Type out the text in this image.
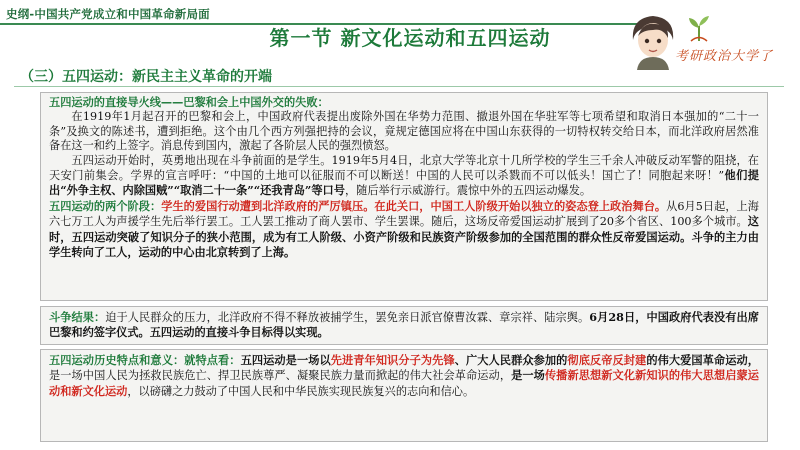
史纲-中国共产党成立和中国革命新局面
第一节 新文化运动和五四运动
考研政治大学了
（三）五四运动：新民主主义革命的开端

五四运动的直接导火线——巴黎和会上中国外交的失败：

在1919年1月起召开的巴黎和会上，中国政府代表提出废除外国在华势力范围、撤退外国在华驻军等七项希望和取消日本强加的“二十一条”及换文的陈述书，遭到拒绝。这个由几个西方列强把持的会议，竟规定德国应将在中国山东获得的一切特权转交给日本，而北洋政府居然准备在这一和约上签字。消息传到国内，激起了各阶层人民的强烈愤怒。

五四运动开始时，英勇地出现在斗争前面的是学生。1919年5月4日，北京大学等北京十几所学校的学生三千余人冲破反动军警的阻挠，在天安门前集会。学界的宣言呼吁：“中国的土地可以征服而不可以断送！中国的人民可以杀戮而不可以低头！国亡了！同胞起来呀！”他们提出“外争主权、内除国贼”“取消二十一条”“还我青岛”等口号，随后举行示威游行。震惊中外的五四运动爆发。

五四运动的两个阶段：学生的爱国行动遭到北洋政府的严厉镇压。在此关口，中国工人阶级开始以独立的姿态登上政治舞台。从6月5日起，上海六七万工人为声援学生先后举行罢工。工人罢工推动了商人罢市、学生罢课。随后，这场反帝爱国运动扩展到了20多个省区、100多个城市。这时，五四运动突破了知识分子的狭小范围，成为有工人阶级、小资产阶级和民族资产阶级参加的全国范围的群众性反帝爱国运动。斗争的主力由学生转向了工人，运动的中心由北京转到了上海。

斗争结果：迫于人民群众的压力，北洋政府不得不释放被捕学生，罢免亲日派官僚曹汝霖、章宗祥、陆宗舆。6月28日，中国政府代表没有出席巴黎和约签字仪式。五四运动的直接斗争目标得以实现。

五四运动历史特点和意义：就特点看：五四运动是一场以先进青年知识分子为先锋、广大人民群众参加的彻底反帝反封建的伟大爱国革命运动，是一场中国人民为拯救民族危亡、捍卫民族尊严、凝聚民族力量而掀起的伟大社会革命运动，是一场传播新思想新文化新知识的伟大思想启蒙运动和新文化运动，以磅礴之力鼓动了中国人民和中华民族实现民族复兴的志向和信心。
